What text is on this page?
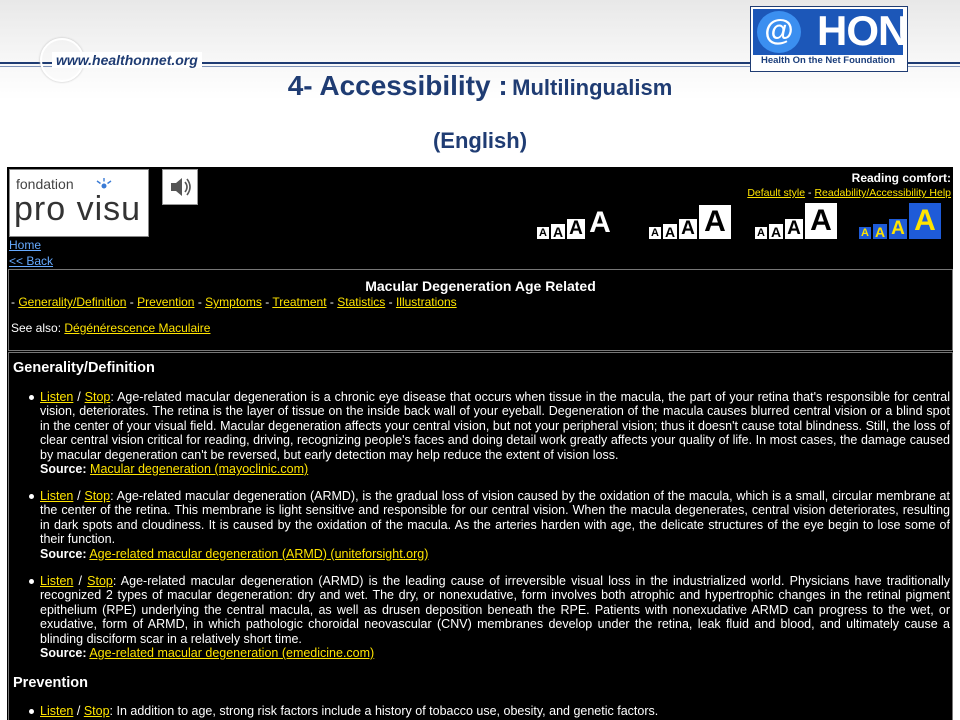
www.healthonnet.org
@ HON
Health On the Net Foundation
4- Accessibility : Multilingualism
(English)
fondation
pro visu
Reading comfort:
Default style - Readability/Accessibility Help
A A A A	A A A A	A A A A	A A A A
Home
<< Back
Macular Degeneration Age Related
- Generality/Definition - Prevention - Symptoms - Treatment - Statistics - Illustrations
See also: Dégénérescence Maculaire
Generality/Definition
Listen / Stop: Age-related macular degeneration is a chronic eye disease that occurs when tissue in the macula, the part of your retina that's responsible for central vision, deteriorates. The retina is the layer of tissue on the inside back wall of your eyeball. Degeneration of the macula causes blurred central vision or a blind spot in the center of your visual field. Macular degeneration affects your central vision, but not your peripheral vision; thus it doesn't cause total blindness. Still, the loss of clear central vision critical for reading, driving, recognizing people's faces and doing detail work greatly affects your quality of life. In most cases, the damage caused by macular degeneration can't be reversed, but early detection may help reduce the extent of vision loss.
Source: Macular degeneration (mayoclinic.com)
Listen / Stop: Age-related macular degeneration (ARMD), is the gradual loss of vision caused by the oxidation of the macula, which is a small, circular membrane at the center of the retina. This membrane is light sensitive and responsible for our central vision. When the macula degenerates, central vision deteriorates, resulting in dark spots and cloudiness. It is caused by the oxidation of the macula. As the arteries harden with age, the delicate structures of the eye begin to lose some of their function.
Source: Age-related macular degeneration (ARMD) (uniteforsight.org)
Listen / Stop: Age-related macular degeneration (ARMD) is the leading cause of irreversible visual loss in the industrialized world. Physicians have traditionally recognized 2 types of macular degeneration: dry and wet. The dry, or nonexudative, form involves both atrophic and hypertrophic changes in the retinal pigment epithelium (RPE) underlying the central macula, as well as drusen deposition beneath the RPE. Patients with nonexudative ARMD can progress to the wet, or exudative, form of ARMD, in which pathologic choroidal neovascular (CNV) membranes develop under the retina, leak fluid and blood, and ultimately cause a blinding disciform scar in a relatively short time.
Source: Age-related macular degeneration (emedicine.com)
Prevention
Listen / Stop: In addition to age, strong risk factors include a history of tobacco use, obesity, and genetic factors.
